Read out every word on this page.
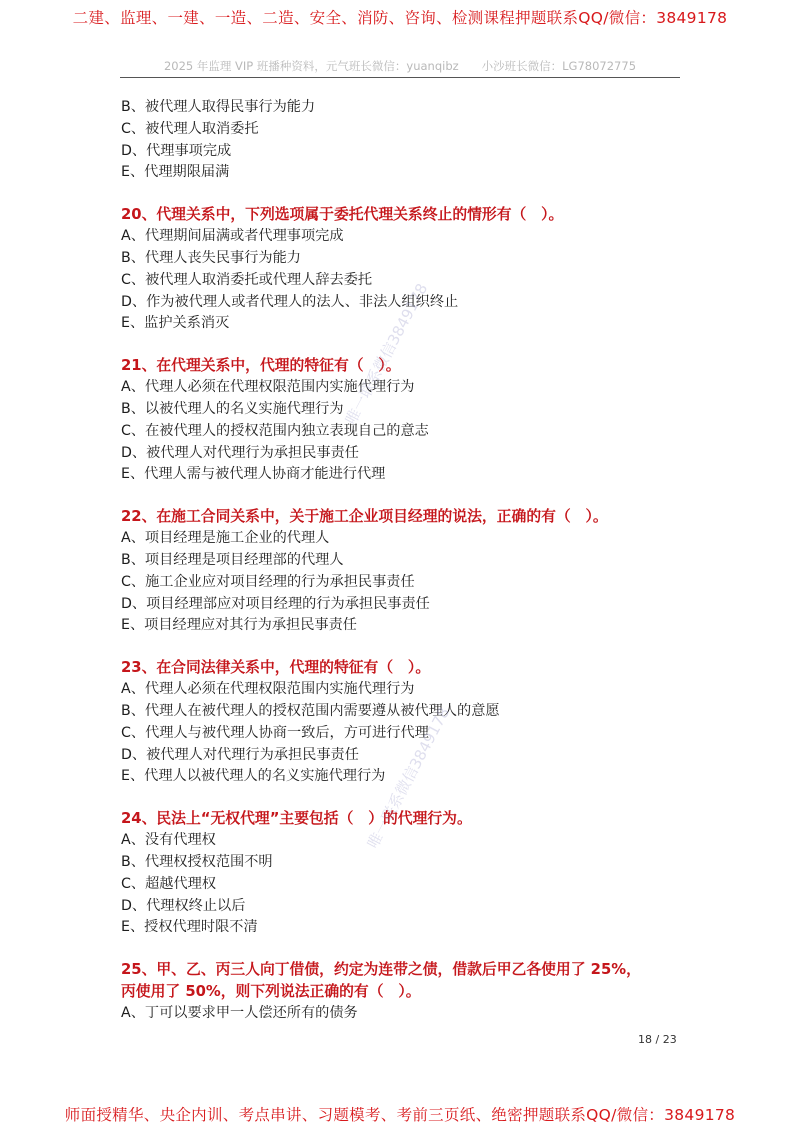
二建、监理、一建、一造、二造、安全、消防、咨询、检测课程押题联系QQ/微信：3849178
2025 年监理 VIP 班播种资料，元气班长微信：yuanqibz　　小沙班长微信：LG78072775
B、被代理人取得民事行为能力
C、被代理人取消委托
D、代理事项完成
E、代理期限届满
20、代理关系中，下列选项属于委托代理关系终止的情形有（　）。
A、代理期间届满或者代理事项完成
B、代理人丧失民事行为能力
C、被代理人取消委托或代理人辞去委托
D、作为被代理人或者代理人的法人、非法人组织终止
E、监护关系消灭
21、在代理关系中，代理的特征有（　）。
A、代理人必须在代理权限范围内实施代理行为
B、以被代理人的名义实施代理行为
C、在被代理人的授权范围内独立表现自己的意志
D、被代理人对代理行为承担民事责任
E、代理人需与被代理人协商才能进行代理
22、在施工合同关系中，关于施工企业项目经理的说法，正确的有（　）。
A、项目经理是施工企业的代理人
B、项目经理是项目经理部的代理人
C、施工企业应对项目经理的行为承担民事责任
D、项目经理部应对项目经理的行为承担民事责任
E、项目经理应对其行为承担民事责任
23、在合同法律关系中，代理的特征有（　）。
A、代理人必须在代理权限范围内实施代理行为
B、代理人在被代理人的授权范围内需要遵从被代理人的意愿
C、代理人与被代理人协商一致后，方可进行代理
D、被代理人对代理行为承担民事责任
E、代理人以被代理人的名义实施代理行为
24、民法上“无权代理”主要包括（　）的代理行为。
A、没有代理权
B、代理权授权范围不明
C、超越代理权
D、代理权终止以后
E、授权代理时限不清
25、甲、乙、丙三人向丁借债，约定为连带之债，借款后甲乙各使用了 25%，
丙使用了 50%，则下列说法正确的有（　）。
A、丁可以要求甲一人偿还所有的债务
唯一联系微信3849178
唯一联系微信3849178
18 / 23
师面授精华、央企内训、考点串讲、习题模考、考前三页纸、绝密押题联系QQ/微信：3849178
